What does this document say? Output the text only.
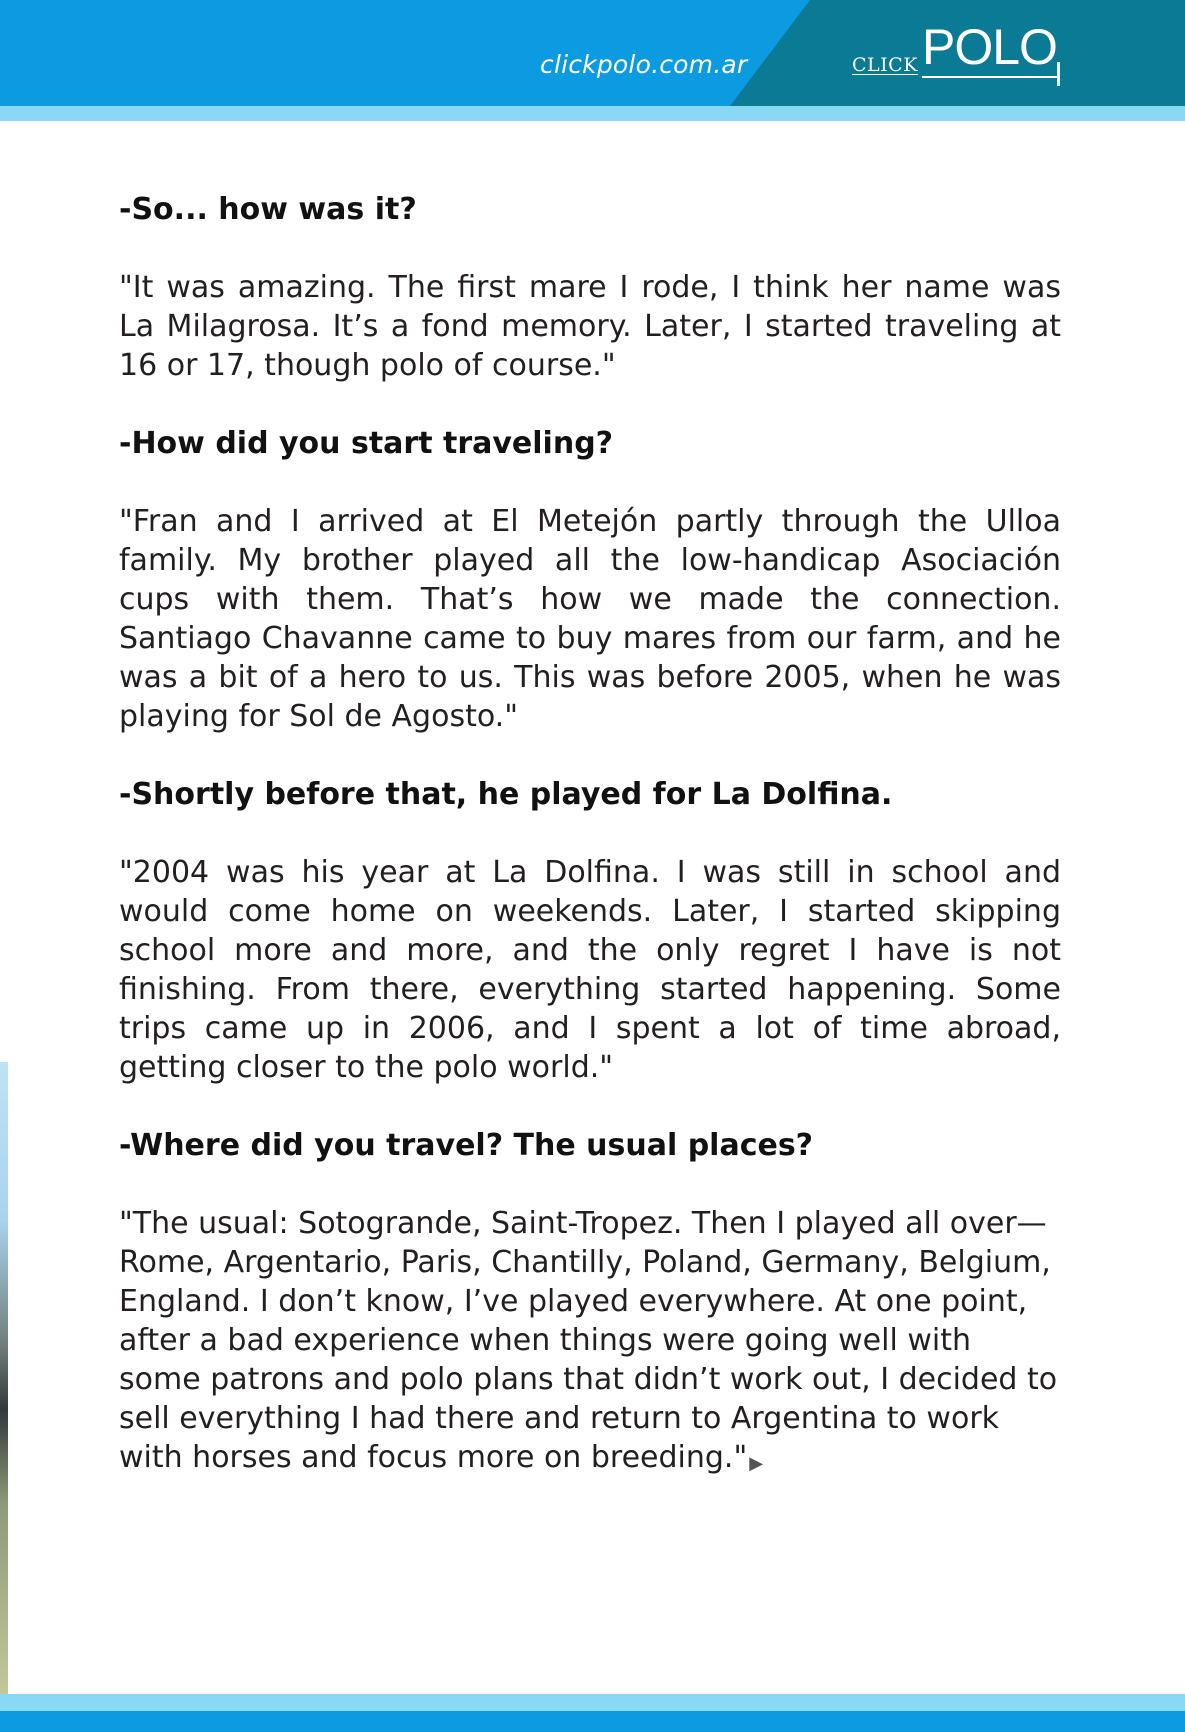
clickpolo.com.ar	CLICK POLO

-So... how was it?

"It was amazing. The first mare I rode, I think her name was La Milagrosa. It’s a fond memory. Later, I started traveling at 16 or 17, though polo of course."

-How did you start traveling?

"Fran and I arrived at El Metejón partly through the Ulloa family. My brother played all the low-handicap Asociación cups with them. That’s how we made the connection. Santiago Chavanne came to buy mares from our farm, and he was a bit of a hero to us. This was before 2005, when he was playing for Sol de Agosto."

-Shortly before that, he played for La Dolfina.

"2004 was his year at La Dolfina. I was still in school and would come home on weekends. Later, I started skipping school more and more, and the only regret I have is not finishing. From there, everything started happening. Some trips came up in 2006, and I spent a lot of time abroad, getting closer to the polo world."

-Where did you travel? The usual places?

"The usual: Sotogrande, Saint-Tropez. Then I played all over—Rome, Argentario, Paris, Chantilly, Poland, Germany, Belgium, England. I don’t know, I’ve played everywhere. At one point, after a bad experience when things were going well with some patrons and polo plans that didn’t work out, I decided to sell everything I had there and return to Argentina to work with horses and focus more on breeding." ▶
